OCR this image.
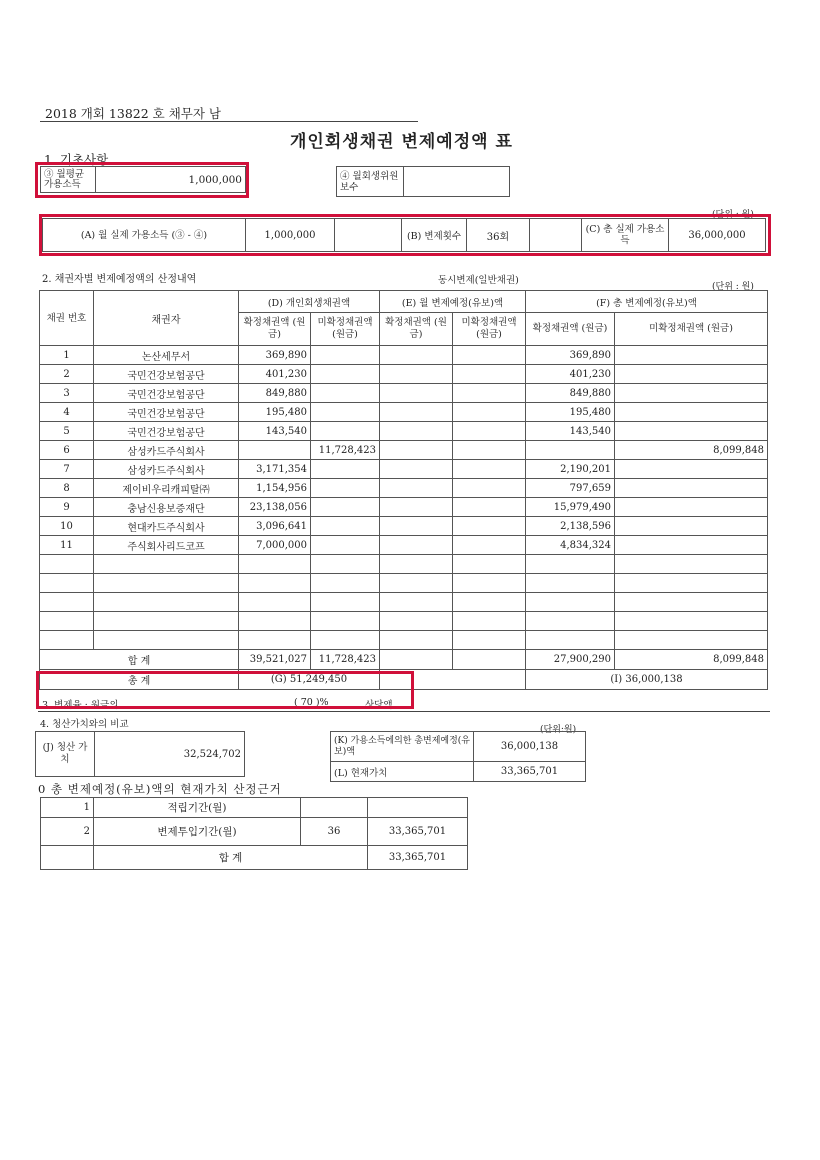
2018 개회 13822 호 채무자 남
개인회생채권 변제예정액 표
1. 기초사항
③ 월평균 가용소득	1,000,000	④ 월회생위원 보수	
(단위 : 원)
(A) 월 실제 가용소득 (③ - ④)	1,000,000		(B) 변제횟수	36회		(C) 총 실제 가용소득	36,000,000
2. 채권자별 변제예정액의 산정내역	동시변제(일반채권)
(단위 : 원)
채권 번호	채권자	(D) 개인회생채권액		(E) 월 변제예정(유보)액		(F) 총 변제예정(유보)액	
		확정채권액 (원금)	미확정채권액 (원금)	확정채권액 (원금)	미확정채권액 (원금)	확정채권액 (원금)	미확정채권액 (원금)
1	논산세무서	369,890				369,890	
2	국민건강보험공단	401,230				401,230	
3	국민건강보험공단	849,880				849,880	
4	국민건강보험공단	195,480				195,480	
5	국민건강보험공단	143,540				143,540	
6	삼성카드주식회사		11,728,423				8,099,848
7	삼성카드주식회사	3,171,354				2,190,201	
8	제이비우리캐피탈㈜	1,154,956				797,659	
9	충남신용보증재단	23,138,056				15,979,490	
10	현대카드주식회사	3,096,641				2,138,596	
11	주식회사리드코프	7,000,000				4,834,324	

합 계		39,521,027	11,728,423			27,900,290	8,099,848
총 계		(G) 51,249,450				(I) 36,000,138	
3. 변제율 : 원금의	( 70 )%	상당액
4. 청산가치와의 비교	(단위:원)
(J) 청산 가치	32,524,702
(K) 가용소득에의한 총변제예정(유보)액	36,000,138
(L) 현재가치	33,365,701
0 총 변제예정(유보)액의 현재가치 산정근거
1	적립기간(월)		
2	변제투입기간(월)	36	33,365,701
	합 계		33,365,701
